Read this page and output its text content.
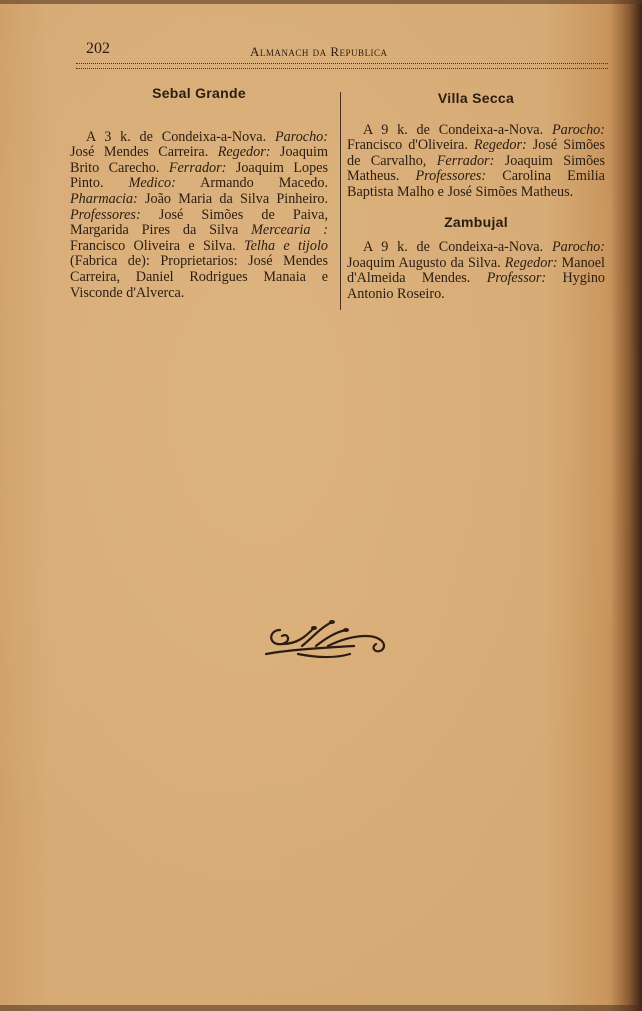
202	Almanach da Republica
Sebal Grande

A 3 k. de Condeixa-a-Nova. Parocho: José Mendes Carreira. Regedor: Joaquim Brito Carecho. Ferrador: Joaquim Lopes Pinto. Medico: Armando Macedo. Pharmacia: João Maria da Silva Pinheiro. Professores: José Simões de Paiva, Margarida Pires da Silva Mercearia : Francisco Oliveira e Silva. Telha e tijolo (Fabrica de): Proprietarios: José Mendes Carreira, Daniel Rodrigues Manaia e Visconde d'Alverca.

Villa Secca

A 9 k. de Condeixa-a-Nova. Parocho: Francisco d'Oliveira. Regedor: José Simões de Carvalho, Ferrador: Joaquim Simões Matheus. Professores: Carolina Emilia Baptista Malho e José Simões Matheus.

Zambujal

A 9 k. de Condeixa-a-Nova. Parocho: Joaquim Augusto da Silva. Regedor: Manoel d'Almeida Mendes. Professor: Hygino Antonio Roseiro.
